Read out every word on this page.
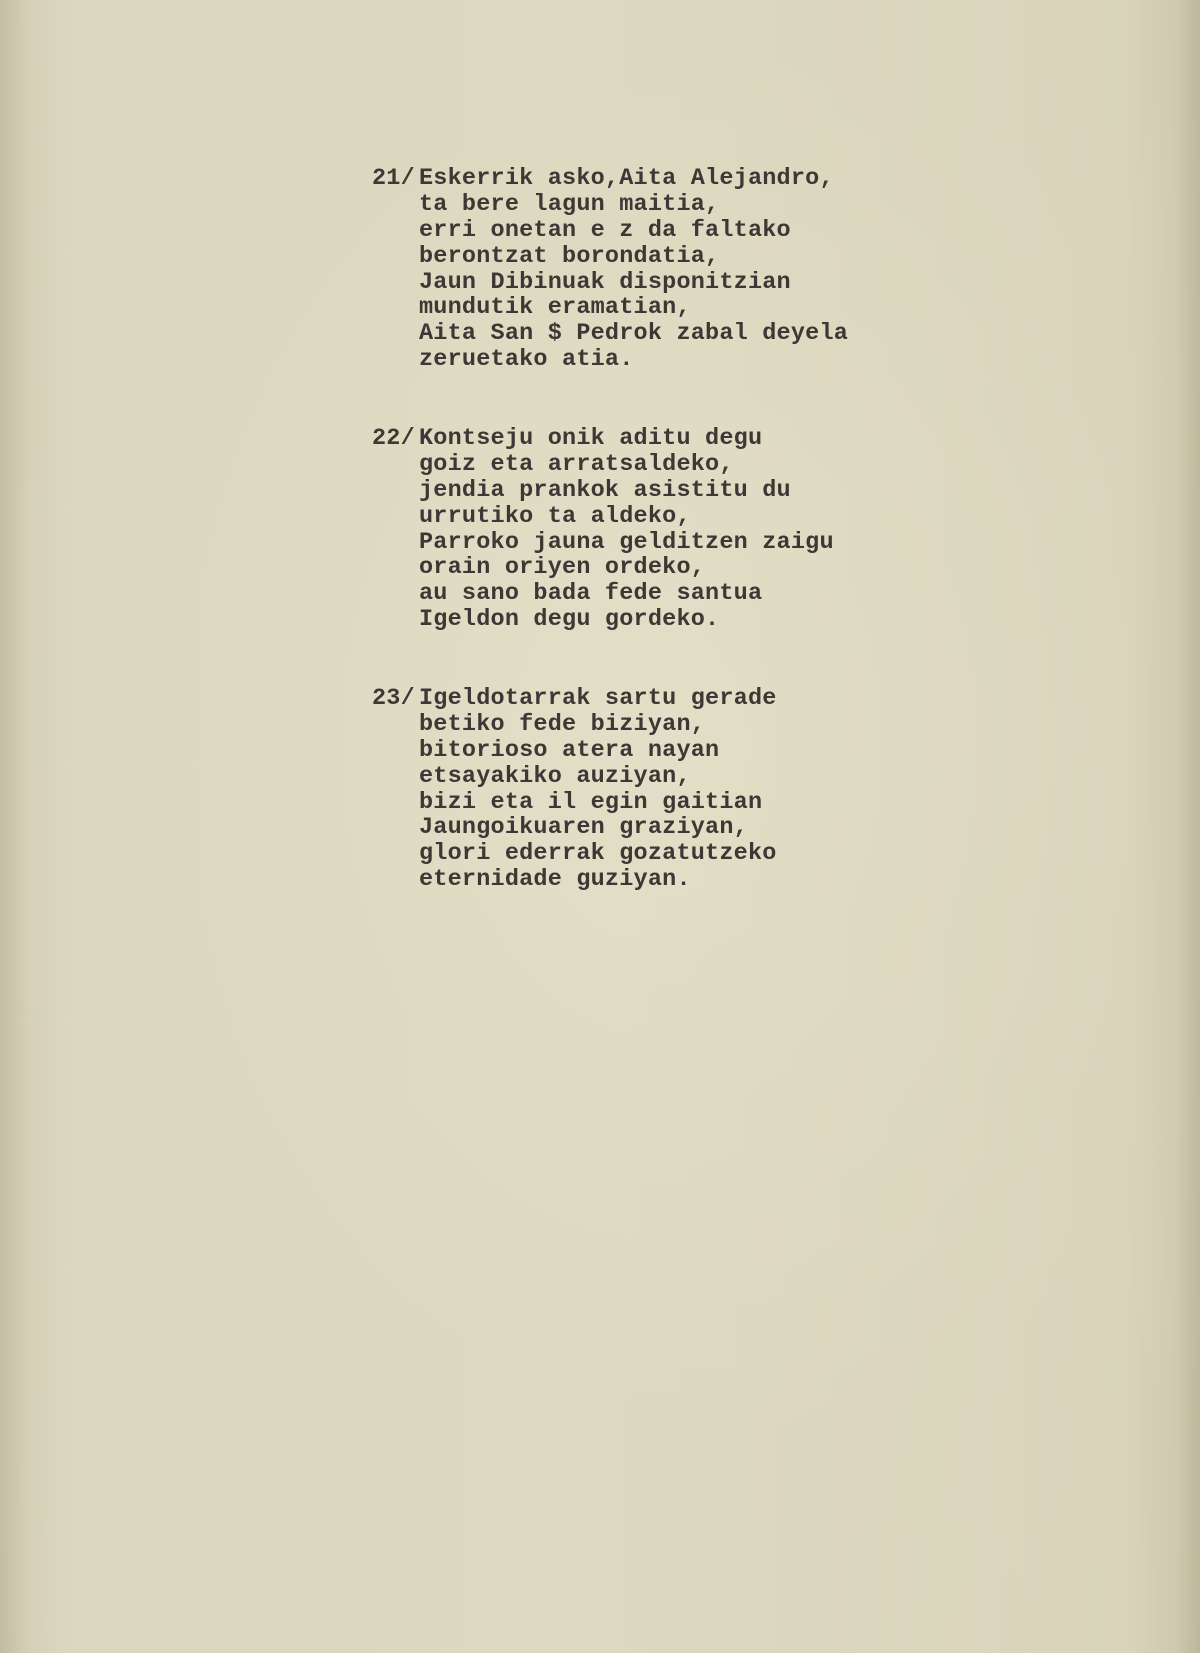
21/ Eskerrik asko,Aita Alejandro,
ta bere lagun maitia,
erri onetan e z da faltako
berontzat borondatia,
Jaun Dibinuak disponitzian
mundutik eramatian,
Aita San $ Pedrok zabal deyela
zeruetako atia.
22/ Kontseju onik aditu degu
goiz eta arratsaldeko,
jendia prankok asistitu du
urrutiko ta aldeko,
Parroko jauna gelditzen zaigu
orain oriyen ordeko,
au sano bada fede santua
Igeldon degu gordeko.
23/ Igeldotarrak sartu gerade
betiko fede biziyan,
bitorioso atera nayan
etsayakiko auziyan,
bizi eta il egin gaitian
Jaungoikuaren graziyan,
glori ederrak gozatutzeko
eternidade guziyan.
